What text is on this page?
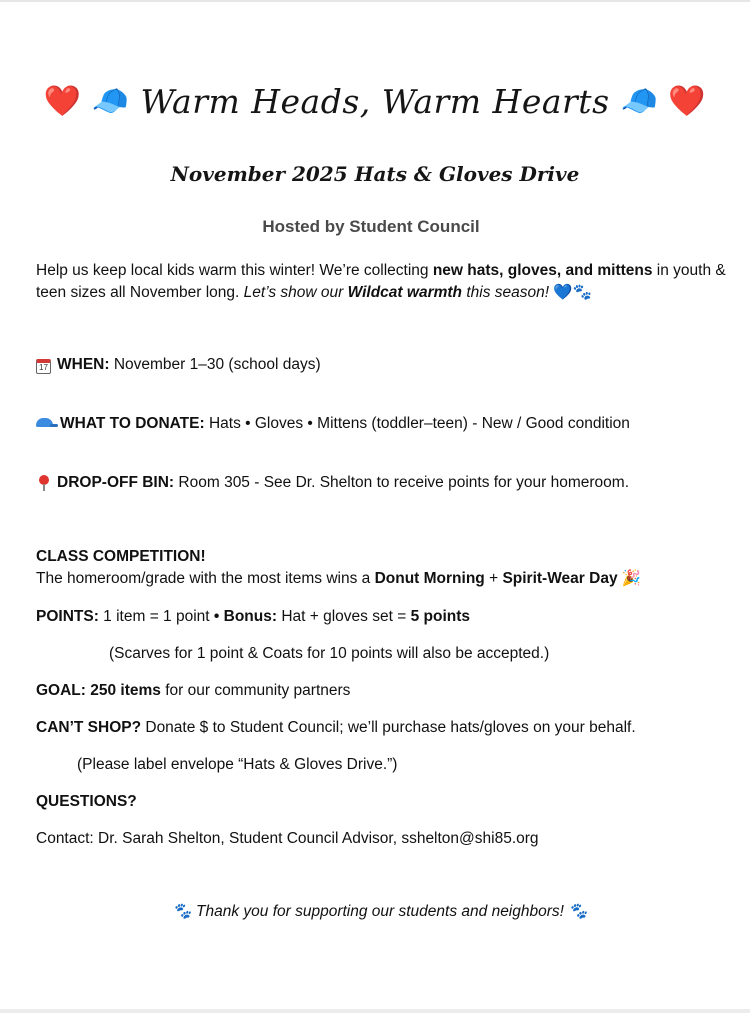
❤️ 🧢 Warm Heads, Warm Hearts 🧢 ❤️
November 2025 Hats & Gloves Drive
Hosted by Student Council
Help us keep local kids warm this winter! We’re collecting new hats, gloves, and mittens in youth & teen sizes all November long. Let’s show our Wildcat warmth this season! 💙🐾
17 WHEN: November 1–30 (school days)
WHAT TO DONATE: Hats • Gloves • Mittens (toddler–teen) - New / Good condition
DROP-OFF BIN: Room 305 - See Dr. Shelton to receive points for your homeroom.
CLASS COMPETITION!
The homeroom/grade with the most items wins a Donut Morning + Spirit-Wear Day 🎉
POINTS: 1 item = 1 point • Bonus: Hat + gloves set = 5 points
(Scarves for 1 point & Coats for 10 points will also be accepted.)
GOAL: 250 items for our community partners
CAN’T SHOP? Donate $ to Student Council; we’ll purchase hats/gloves on your behalf.
(Please label envelope “Hats & Gloves Drive.”)
QUESTIONS?
Contact: Dr. Sarah Shelton, Student Council Advisor, sshelton@shi85.org
🐾 Thank you for supporting our students and neighbors! 🐾
